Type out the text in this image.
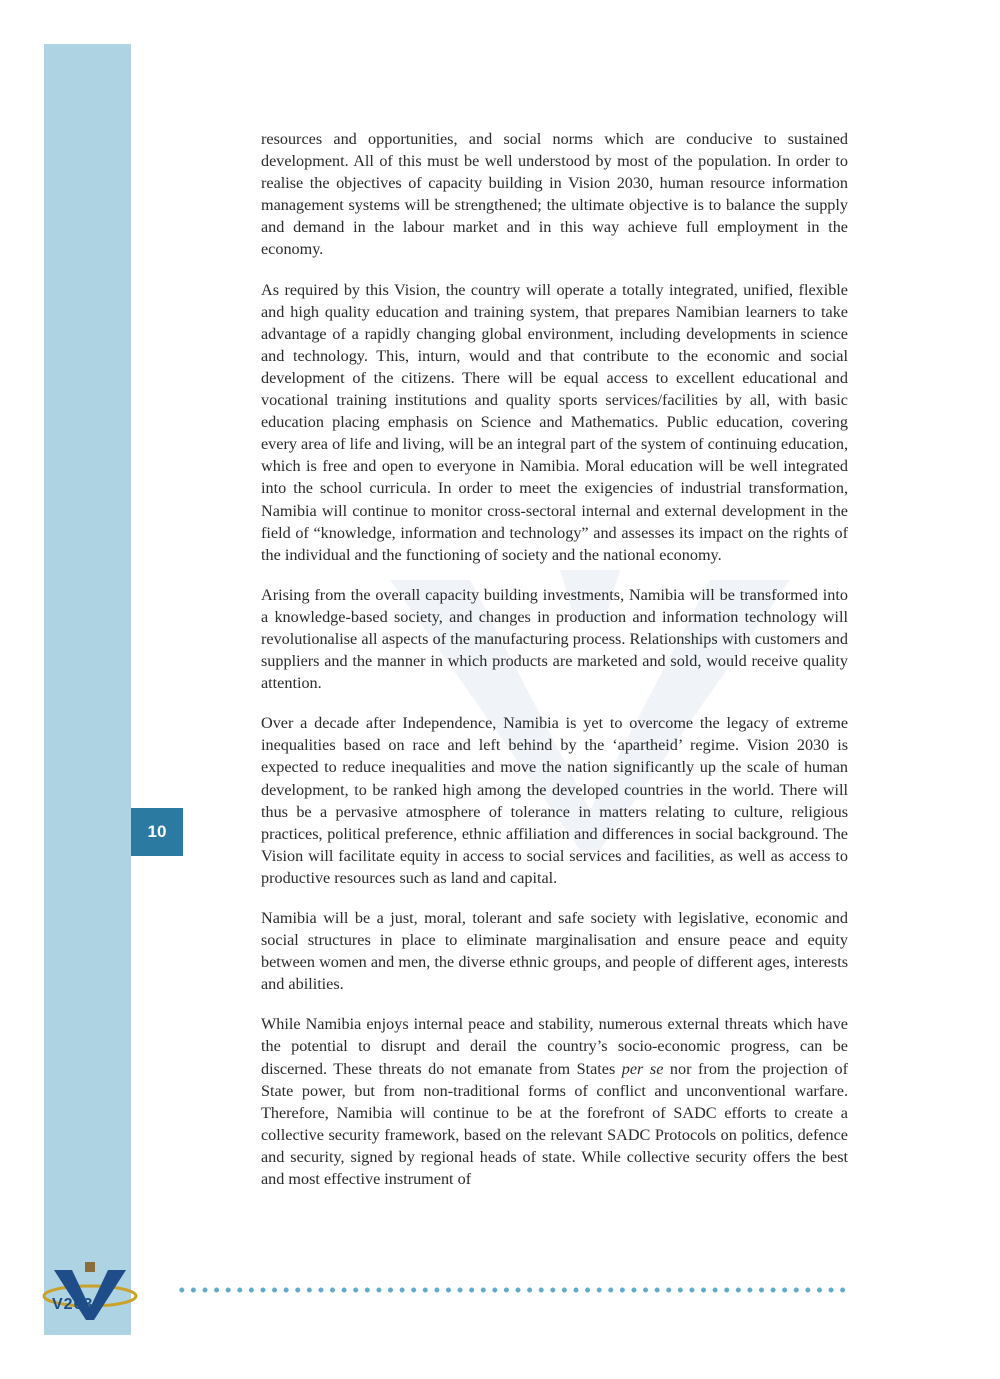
10

resources and opportunities, and social norms which are conducive to sustained development. All of this must be well understood by most of the population. In order to realise the objectives of capacity building in Vision 2030, human resource information management systems will be strengthened; the ultimate objective is to balance the supply and demand in the labour market and in this way achieve full employment in the economy.

As required by this Vision, the country will operate a totally integrated, unified, flexible and high quality education and training system, that prepares Namibian learners to take advantage of a rapidly changing global environment, including developments in science and technology. This, inturn, would and that contribute to the economic and social development of the citizens. There will be equal access to excellent educational and vocational training institutions and quality sports services/facilities by all, with basic education placing emphasis on Science and Mathematics. Public education, covering every area of life and living, will be an integral part of the system of continuing education, which is free and open to everyone in Namibia. Moral education will be well integrated into the school curricula. In order to meet the exigencies of industrial transformation, Namibia will continue to monitor cross-sectoral internal and external development in the field of “knowledge, information and technology” and assesses its impact on the rights of the individual and the functioning of society and the national economy.

Arising from the overall capacity building investments, Namibia will be transformed into a knowledge-based society, and changes in production and information technology will revolutionalise all aspects of the manufacturing process. Relationships with customers and suppliers and the manner in which products are marketed and sold, would receive quality attention.

Over a decade after Independence, Namibia is yet to overcome the legacy of extreme inequalities based on race and left behind by the ‘apartheid’ regime. Vision 2030 is expected to reduce inequalities and move the nation significantly up the scale of human development, to be ranked high among the developed countries in the world. There will thus be a pervasive atmosphere of tolerance in matters relating to culture, religious practices, political preference, ethnic affiliation and differences in social background. The Vision will facilitate equity in access to social services and facilities, as well as access to productive resources such as land and capital.

Namibia will be a just, moral, tolerant and safe society with legislative, economic and social structures in place to eliminate marginalisation and ensure peace and equity between women and men, the diverse ethnic groups, and people of different ages, interests and abilities.

While Namibia enjoys internal peace and stability, numerous external threats which have the potential to disrupt and derail the country’s socio-economic progress, can be discerned. These threats do not emanate from States per se nor from the projection of State power, but from non-traditional forms of conflict and unconventional warfare. Therefore, Namibia will continue to be at the forefront of SADC efforts to create a collective security framework, based on the relevant SADC Protocols on politics, defence and security, signed by regional heads of state. While collective security offers the best and most effective instrument of

V2030
